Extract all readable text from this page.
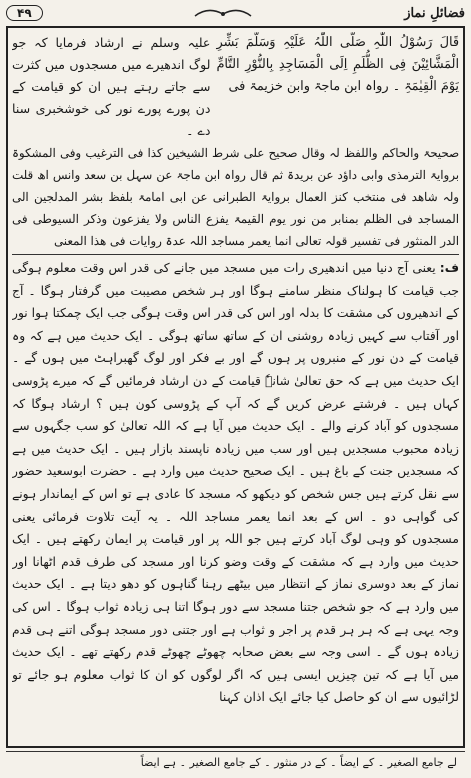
فضائلِ نماز
۴۹
قَالَ رَسُوْلُ اللّٰہِ صَلَّی اللّٰہُ عَلَیْہِ وَسَلَّمَ بَشِّرِ الْمَشَّائِیْنَ فِی الظُّلَمِ اِلَی الْمَسَاجِدِ بِالنُّوْرِ التَّامِّ یَوْمَ الْقِیٰمَۃِ ۔ رواہ ابن ماجۃ وابن خزیمۃ فی
علیہ وسلم نے ارشاد فرمایا کہ جو لوگ اندھیرے میں مسجدوں میں کثرت سے جاتے رہتے ہیں ان کو قیامت کے دن پورے پورے نور کی خوشخبری سنا دے ۔
صحیحۃ والحاکم واللفظ لہ وقال صحیح علی شرط الشیخین کذا فی الترغیب وفی المشکوۃ بروایۃ الترمذی وابی داؤد عن بریدۃ ثم قال رواہ ابن ماجۃ عن سہل بن سعد وانس اھ قلت ولہ شاھد فی منتخب کنز العمال بروایۃ الطبرانی عن ابی امامۃ بلفظ بشر المدلجین الی المساجد فی الظلم بمنابر من نور یوم القیمۃ یفزع الناس ولا یفزعون وذکر السیوطی فی الدر المنثور فی تفسیر قولہ تعالی انما یعمر مساجد اللہ عدۃ روایات فی ھذا المعنی
ف: یعنی آج دنیا میں اندھیری رات میں مسجد میں جانے کی قدر اس وقت معلوم ہوگی جب قیامت کا ہولناک منظر سامنے ہوگا اور ہر شخص مصیبت میں گرفتار ہوگا ۔ آج کے اندھیروں کی مشقت کا بدلہ اور اس کی قدر اس وقت ہوگی جب ایک چمکتا ہوا نور اور آفتاب سے کہیں زیادہ روشنی ان کے ساتھ ساتھ ہوگی ۔ ایک حدیث میں ہے کہ وہ قیامت کے دن نور کے منبروں پر ہوں گے اور بے فکر اور لوگ گھبراہٹ میں ہوں گے ۔ ایک حدیث میں ہے کہ حق تعالیٰ شانہٗ قیامت کے دن ارشاد فرمائیں گے کہ میرے پڑوسی کہاں ہیں ۔ فرشتے عرض کریں گے کہ آپ کے پڑوسی کون ہیں ؟ ارشاد ہوگا کہ مسجدوں کو آباد کرنے والے ۔ ایک حدیث میں آیا ہے کہ اللہ تعالیٰ کو سب جگہوں سے زیادہ محبوب مسجدیں ہیں اور سب میں زیادہ ناپسند بازار ہیں ۔ ایک حدیث میں ہے کہ مسجدیں جنت کے باغ ہیں ۔ ایک صحیح حدیث میں وارد ہے ۔ حضرت ابوسعید حضور سے نقل کرتے ہیں جس شخص کو دیکھو کہ مسجد کا عادی ہے تو اس کے ایماندار ہونے کی گواہی دو ۔ اس کے بعد انما یعمر مساجد اللہ ۔ یہ آیت تلاوت فرمائی یعنی مسجدوں کو وہی لوگ آباد کرتے ہیں جو اللہ پر اور قیامت پر ایمان رکھتے ہیں ۔ ایک حدیث میں وارد ہے کہ مشقت کے وقت وضو کرنا اور مسجد کی طرف قدم اٹھانا اور نماز کے بعد دوسری نماز کے انتظار میں بیٹھے رہنا گناہوں کو دھو دیتا ہے ۔ ایک حدیث میں وارد ہے کہ جو شخص جتنا مسجد سے دور ہوگا اتنا ہی زیادہ ثواب ہوگا ۔ اس کی وجہ یہی ہے کہ ہر ہر قدم پر اجر و ثواب ہے اور جتنی دور مسجد ہوگی اتنے ہی قدم زیادہ ہوں گے ۔ اسی وجہ سے بعض صحابہ چھوٹے چھوٹے قدم رکھتے تھے ۔ ایک حدیث میں آیا ہے کہ تین چیزیں ایسی ہیں کہ اگر لوگوں کو ان کا ثواب معلوم ہو جائے تو لڑائیوں سے ان کو حاصل کیا جائے ایک اذان کہنا
لے جامع الصغیر ۔ کے ایضاً ۔ کے در منثور ۔ کے جامع الصغیر ۔ ہے ایضاً
